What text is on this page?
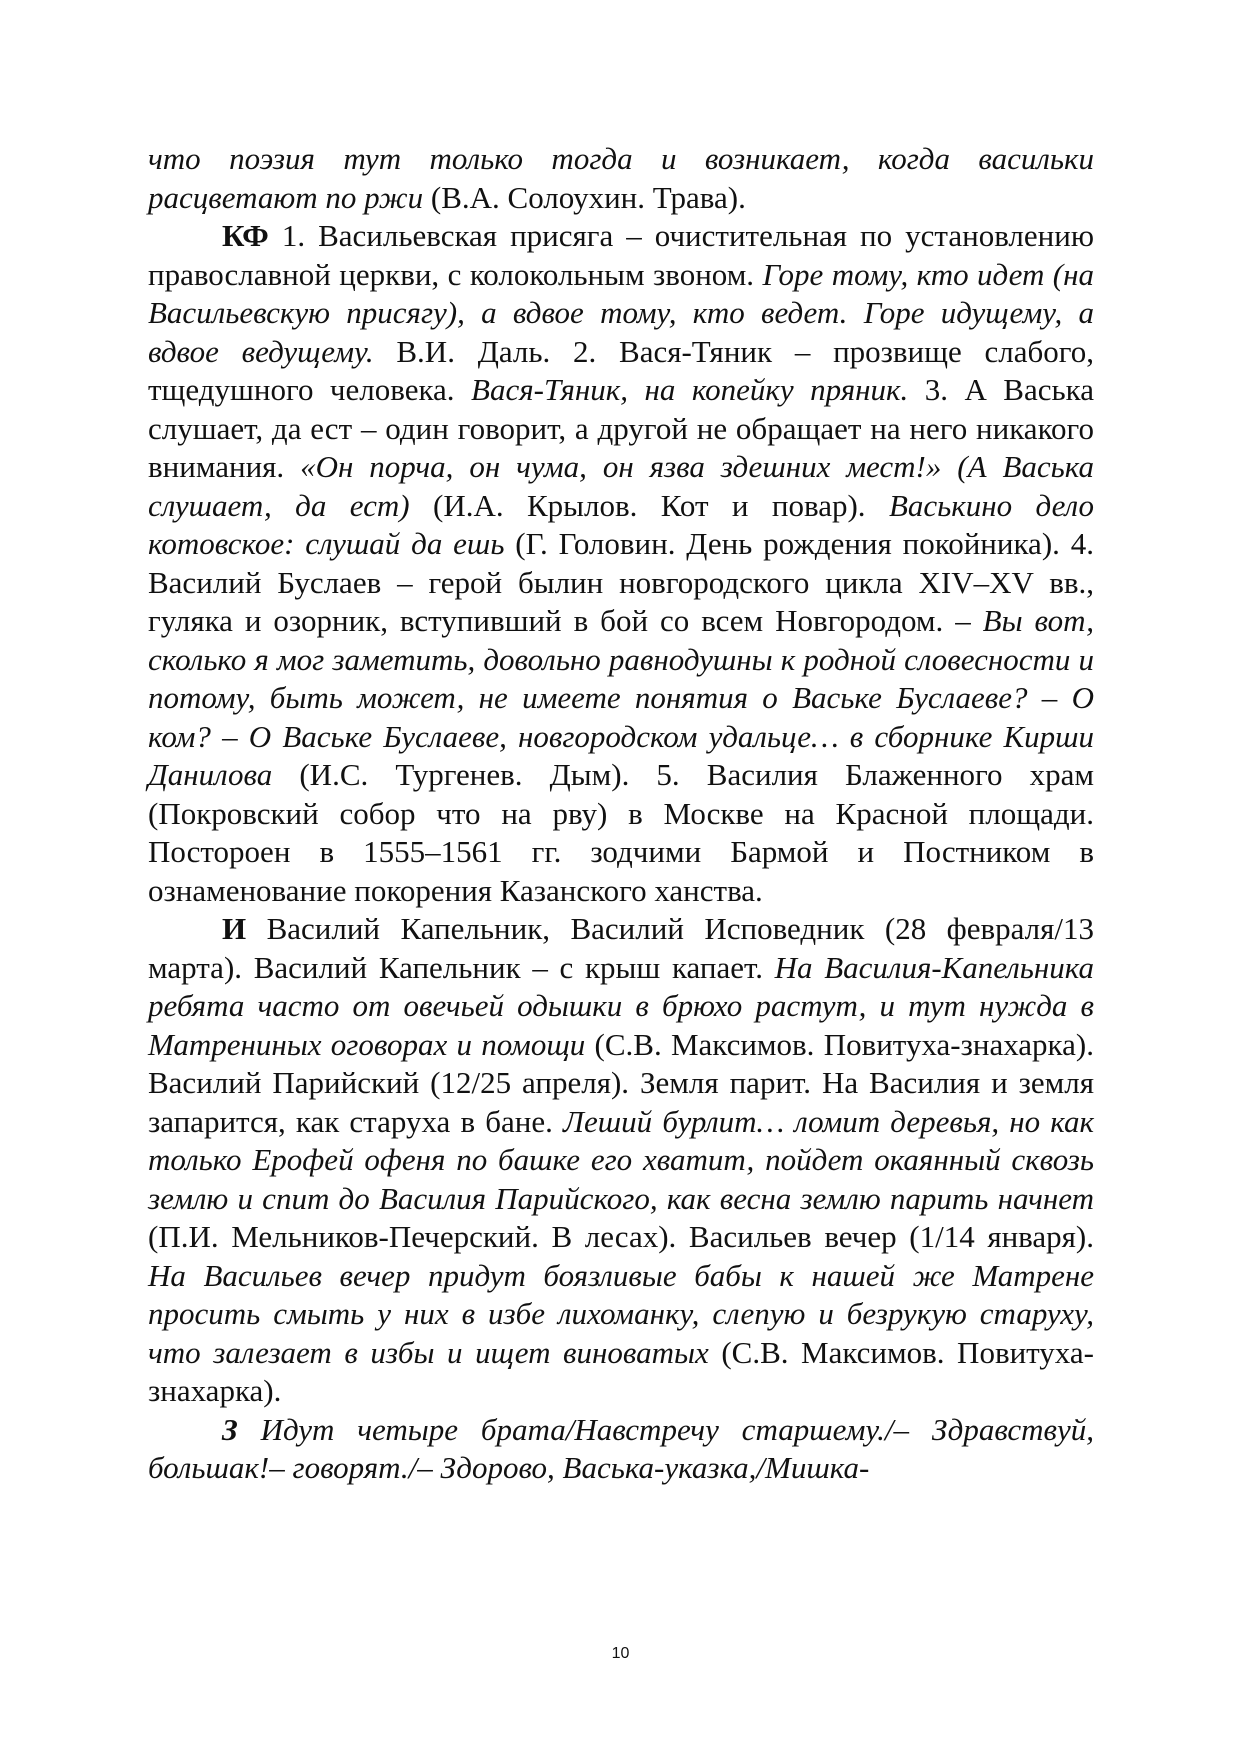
что поэзия тут только тогда и возникает, когда васильки расцветают по ржи (В.А. Солоухин. Трава).

КФ 1. Васильевская присяга – очистительная по установлению православной церкви, с колокольным звоном. Горе тому, кто идет (на Васильевскую присягу), а вдвое тому, кто ведет. Горе идущему, а вдвое ведущему. В.И. Даль. 2. Вася-Тяник – прозвище слабого, тщедушного человека. Вася-Тяник, на копейку пряник. 3. А Васька слушает, да ест – один говорит, а другой не обращает на него никакого внимания. «Он порча, он чума, он язва здешних мест!» (А Васька слушает, да ест) (И.А. Крылов. Кот и повар). Васькино дело котовское: слушай да ешь (Г. Головин. День рождения покойника). 4. Василий Буслаев – герой былин новгородского цикла XIV–XV вв., гуляка и озорник, вступивший в бой со всем Новгородом. – Вы вот, сколько я мог заметить, довольно равнодушны к родной словесности и потому, быть может, не имеете понятия о Ваське Буслаеве? – О ком? – О Ваське Буслаеве, новгородском удальце… в сборнике Кирши Данилова (И.С. Тургенев. Дым). 5. Василия Блаженного храм (Покровский собор что на рву) в Москве на Красной площади. Посторoен в 1555–1561 гг. зодчими Бармой и Постником в ознаменование покорения Казанского ханства.

И Василий Капельник, Василий Исповедник (28 февраля/13 марта). Василий Капельник – с крыш капает. На Василия-Капельника ребята часто от овечьей одышки в брюхо растут, и тут нужда в Матрениных оговорах и помощи (С.В. Максимов. Повитуха-знахарка). Василий Парийский (12/25 апреля). Земля парит. На Василия и земля запарится, как старуха в бане. Леший бурлит… ломит деревья, но как только Ерофей офеня по башке его хватит, пойдет окаянный сквозь землю и спит до Василия Парийского, как весна землю парить начнет (П.И. Мельников-Печерский. В лесах). Васильев вечер (1/14 января). На Васильев вечер придут боязливые бабы к нашей же Матрене просить смыть у них в избе лихоманку, слепую и безрукую старуху, что залезает в избы и ищет виноватых (С.В. Максимов. Повитуха-знахарка).

З Идут четыре брата/Навстречу старшему./– Здравствуй, большак!– говорят./– Здорово, Васька-указка,/Мишка-

10
